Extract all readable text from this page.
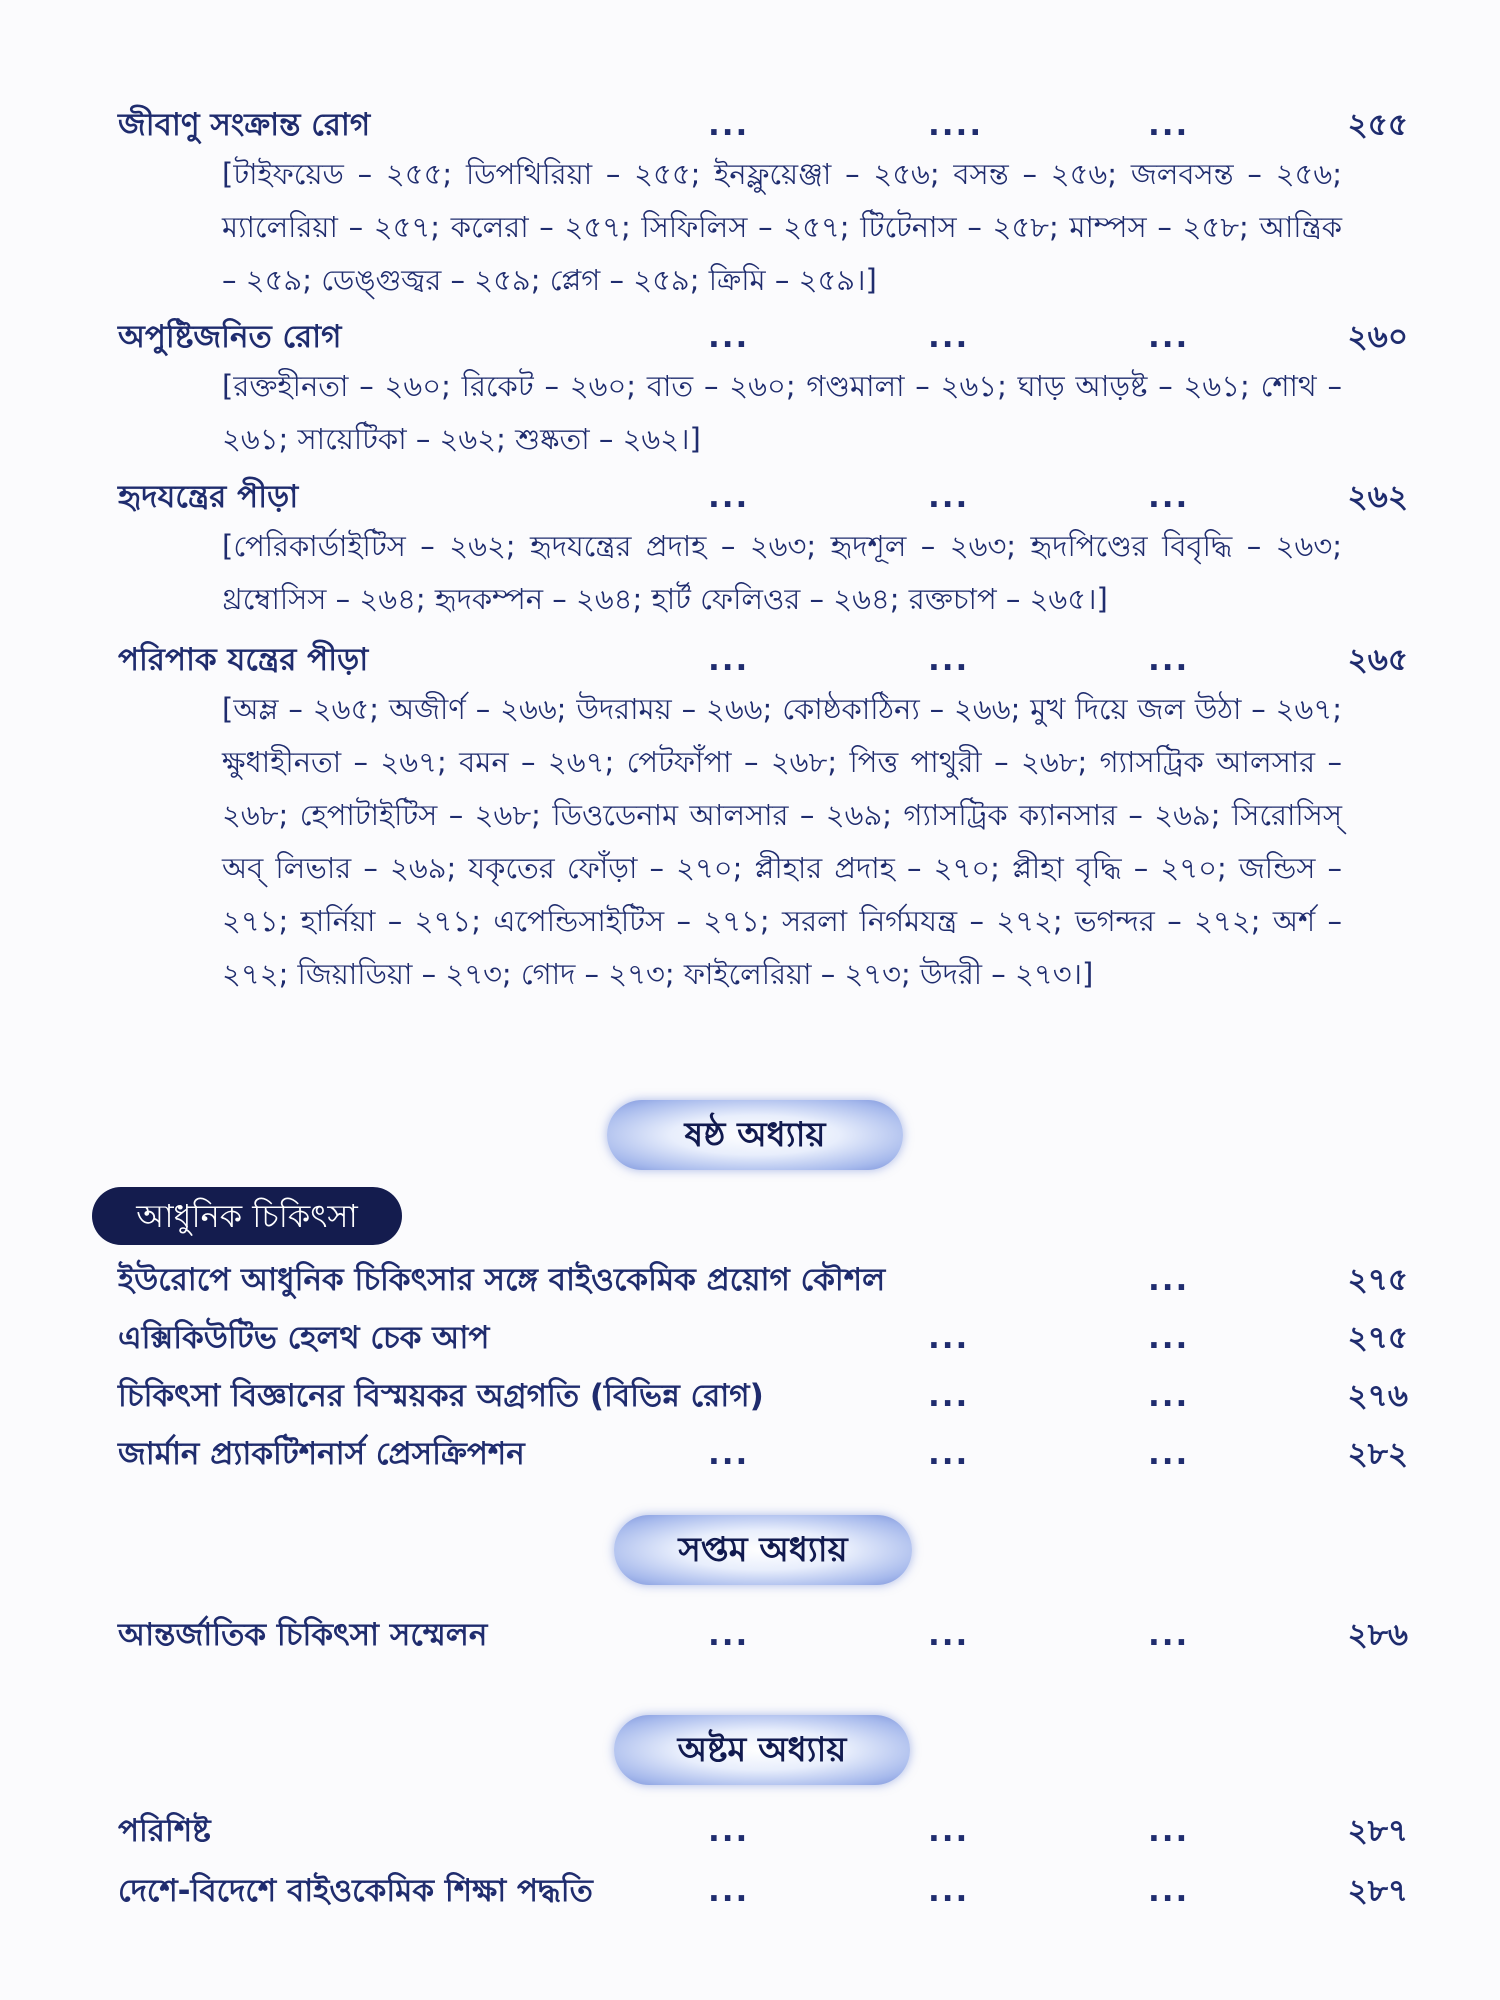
জীবাণু সংক্রান্ত রোগ	...	....	...	২৫৫
[টাইফয়েড – ২৫৫; ডিপথিরিয়া – ২৫৫; ইনফ্লুয়েঞ্জা – ২৫৬; বসন্ত – ২৫৬; জলবসন্ত – ২৫৬; ম্যালেরিয়া – ২৫৭; কলেরা – ২৫৭; সিফিলিস – ২৫৭; টিটেনাস – ২৫৮; মাম্পস – ২৫৮; আন্ত্রিক – ২৫৯; ডেঙ্গুজ্বর – ২৫৯; প্লেগ – ২৫৯; ক্রিমি – ২৫৯।]
অপুষ্টিজনিত রোগ	...	...	...	২৬০
[রক্তহীনতা – ২৬০; রিকেট – ২৬০; বাত – ২৬০; গণ্ডমালা – ২৬১; ঘাড় আড়ষ্ট – ২৬১; শোথ – ২৬১; সায়েটিকা – ২৬২; শুষ্কতা – ২৬২।]
হৃদযন্ত্রের পীড়া	...	...	...	২৬২
[পেরিকার্ডাইটিস – ২৬২; হৃদযন্ত্রের প্রদাহ – ২৬৩; হৃদশূল – ২৬৩; হৃদপিণ্ডের বিবৃদ্ধি – ২৬৩; থ্রম্বোসিস – ২৬৪; হৃদকম্পন – ২৬৪; হার্ট ফেলিওর – ২৬৪; রক্তচাপ – ২৬৫।]
পরিপাক যন্ত্রের পীড়া	...	...	...	২৬৫
[অম্ল – ২৬৫; অজীর্ণ – ২৬৬; উদরাময় – ২৬৬; কোষ্ঠকাঠিন্য – ২৬৬; মুখ দিয়ে জল উঠা – ২৬৭; ক্ষুধাহীনতা – ২৬৭; বমন – ২৬৭; পেটফাঁপা – ২৬৮; পিত্ত পাথুরী – ২৬৮; গ্যাসট্রিক আলসার – ২৬৮; হেপাটাইটিস – ২৬৮; ডিওডেনাম আলসার – ২৬৯; গ্যাসট্রিক ক্যানসার – ২৬৯; সিরোসিস্ অব্ লিভার – ২৬৯; যকৃতের ফোঁড়া – ২৭০; প্লীহার প্রদাহ – ২৭০; প্লীহা বৃদ্ধি – ২৭০; জন্ডিস – ২৭১; হার্নিয়া – ২৭১; এপেন্ডিসাইটিস – ২৭১; সরলা নির্গমযন্ত্র – ২৭২; ভগন্দর – ২৭২; অর্শ – ২৭২; জিয়াডিয়া – ২৭৩; গোদ – ২৭৩; ফাইলেরিয়া – ২৭৩; উদরী – ২৭৩।]
ষষ্ঠ অধ্যায়
আধুনিক চিকিৎসা
ইউরোপে আধুনিক চিকিৎসার সঙ্গে বাইওকেমিক প্রয়োগ কৌশল	...	২৭৫
এক্সিকিউটিভ হেলথ চেক আপ	...	...	২৭৫
চিকিৎসা বিজ্ঞানের বিস্ময়কর অগ্রগতি (বিভিন্ন রোগ)	...	...	২৭৬
জার্মান প্র্যাকটিশনার্স প্রেসক্রিপশন	...	...	...	২৮২
সপ্তম অধ্যায়
আন্তর্জাতিক চিকিৎসা সম্মেলন	...	...	...	২৮৬
অষ্টম অধ্যায়
পরিশিষ্ট	...	...	...	২৮৭
দেশে-বিদেশে বাইওকেমিক শিক্ষা পদ্ধতি	...	...	...	২৮৭
